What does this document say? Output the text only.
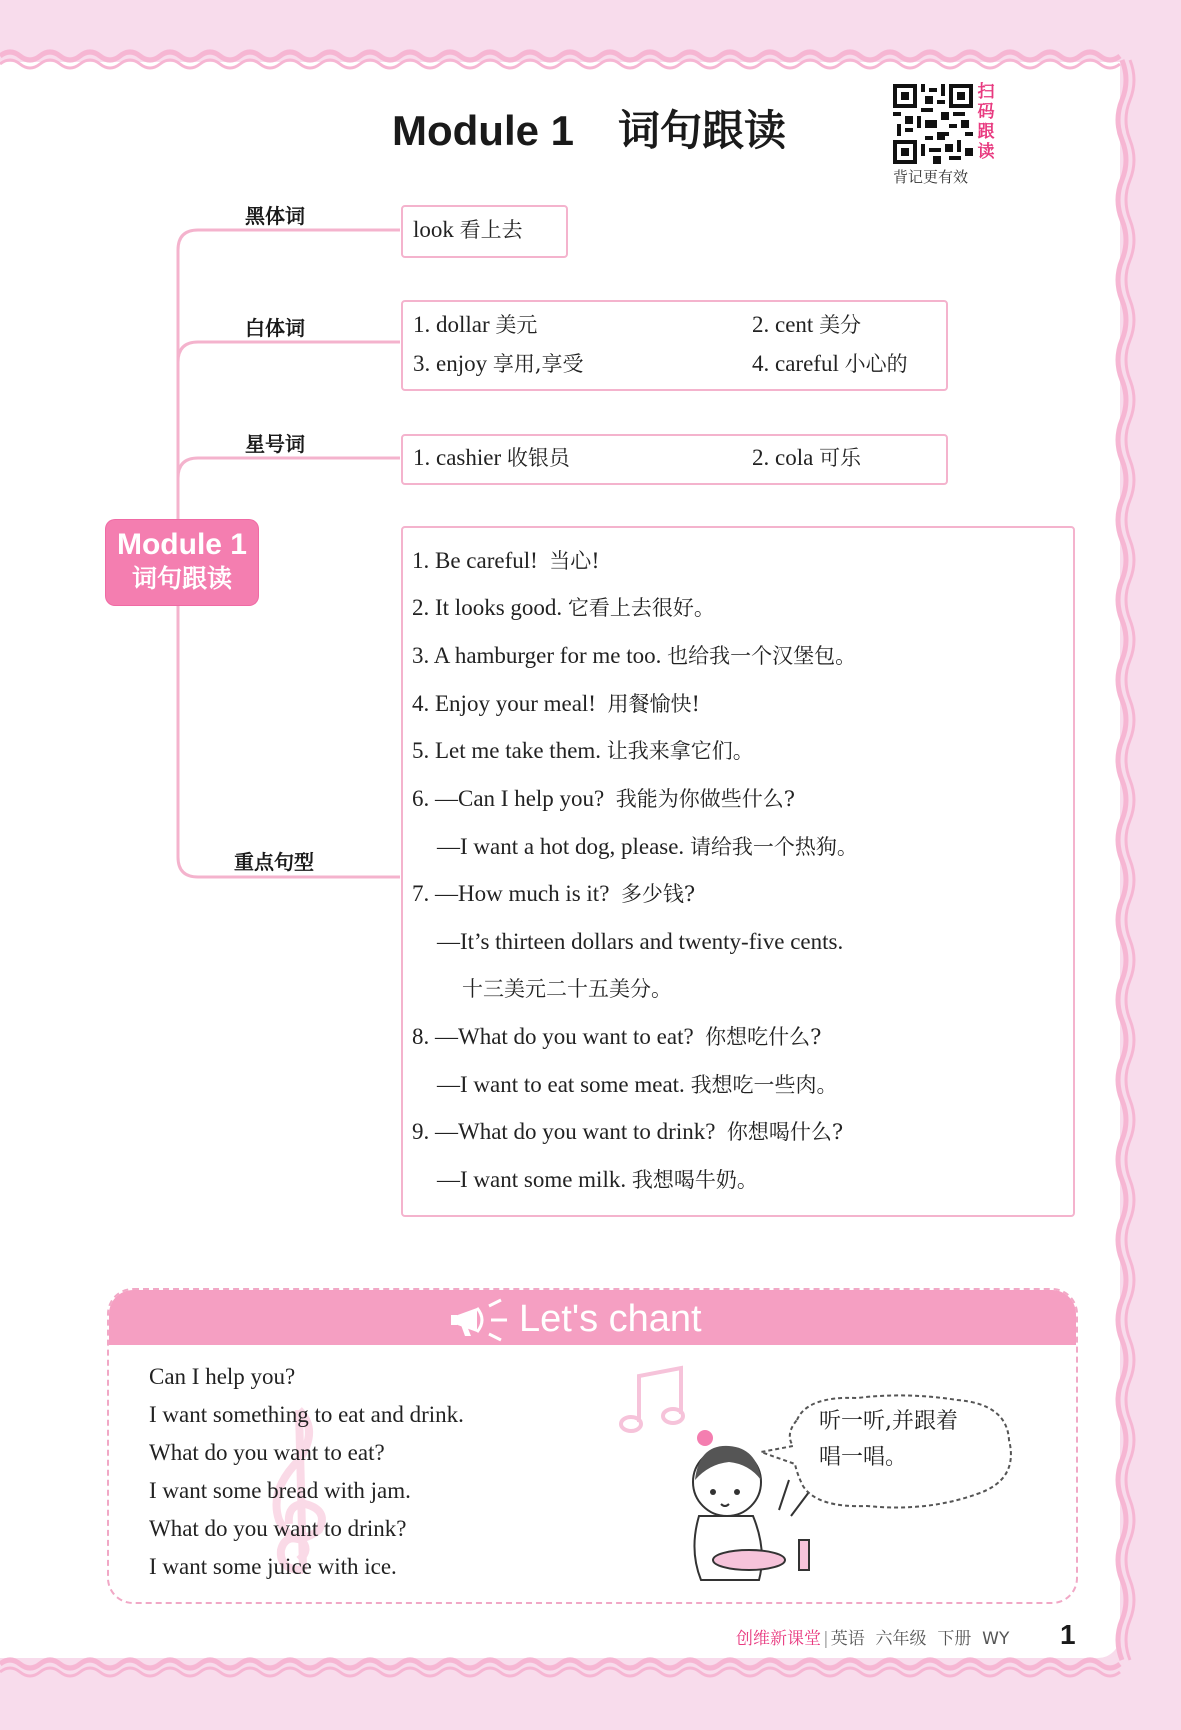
Module 1 词句跟读
扫
码
跟
读
背记更有效
Module 1
词句跟读
黑体词
白体词
星号词
重点句型
look 看上去
1. dollar 美元	2. cent 美分
3. enjoy 享用,享受	4. careful 小心的
1. cashier 收银员	2. cola 可乐
1. Be careful! 当心!
2. It looks good. 它看上去很好。
3. A hamburger for me too. 也给我一个汉堡包。
4. Enjoy your meal! 用餐愉快!
5. Let me take them. 让我来拿它们。
6. —Can I help you? 我能为你做些什么?
—I want a hot dog, please. 请给我一个热狗。
7. —How much is it? 多少钱?
—It’s thirteen dollars and twenty-five cents.
十三美元二十五美分。
8. —What do you want to eat? 你想吃什么?
—I want to eat some meat. 我想吃一些肉。
9. —What do you want to drink? 你想喝什么?
—I want some milk. 我想喝牛奶。
Let's chant
Can I help you?
I want something to eat and drink.
What do you want to eat?
I want some bread with jam.
What do you want to drink?
I want some juice with ice.
听一听,并跟着
唱一唱。
创维新课堂 | 英语 六年级 下册 WY 1
